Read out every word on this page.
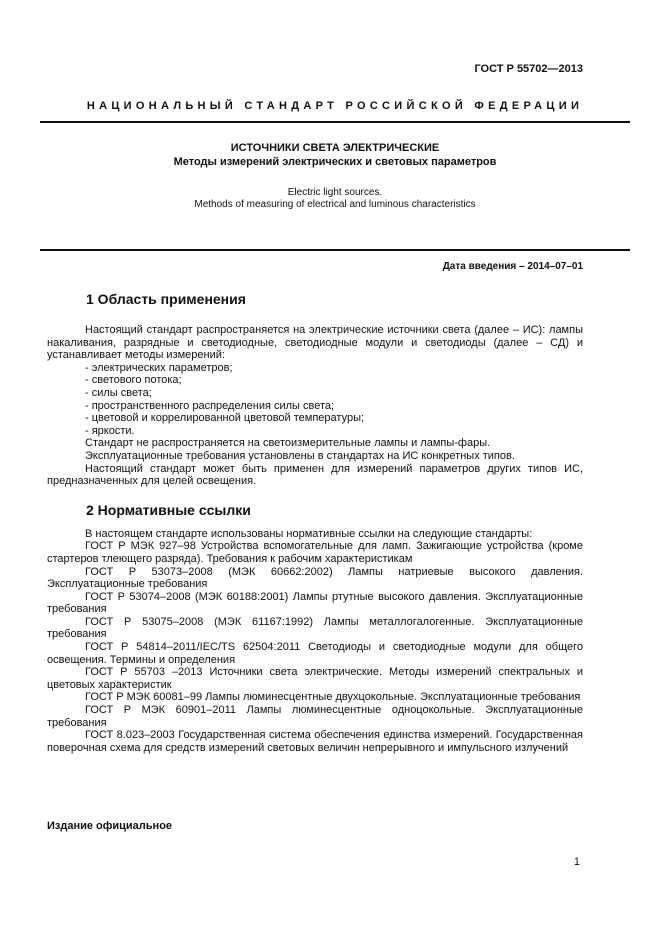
ГОСТ Р 55702—2013
НАЦИОНАЛЬНЫЙ СТАНДАРТ РОССИЙСКОЙ ФЕДЕРАЦИИ
ИСТОЧНИКИ СВЕТА ЭЛЕКТРИЧЕСКИЕ
Методы измерений электрических и световых параметров
Electric light sources.
Methods of measuring of electrical and luminous characteristics
Дата введения – 2014–07–01

1 Область применения

Настоящий стандарт распространяется на электрические источники света (далее – ИС): лампы накаливания, разрядные и светодиодные, светодиодные модули и светодиоды (далее – СД) и устанавливает методы измерений:

- электрических параметров;

- светового потока;

- силы света;

- пространственного распределения силы света;

- цветовой и коррелированной цветовой температуры;

- яркости.

Стандарт не распространяется на светоизмерительные лампы и лампы-фары.

Эксплуатационные требования установлены в стандартах на ИС конкретных типов.

Настоящий стандарт может быть применен для измерений параметров других типов ИС, предназначенных для целей освещения.

2 Нормативные ссылки

В настоящем стандарте использованы нормативные ссылки на следующие стандарты:

ГОСТ Р МЭК 927–98 Устройства вспомогательные для ламп. Зажигающие устройства (кроме стартеров тлеющего разряда). Требования к рабочим характеристикам

ГОСТ Р 53073–2008 (МЭК 60662:2002) Лампы натриевые высокого давления. Эксплуатационные требования

ГОСТ Р 53074–2008 (МЭК 60188:2001) Лампы ртутные высокого давления. Эксплуатационные требования

ГОСТ Р 53075–2008 (МЭК 61167:1992) Лампы металлогалогенные. Эксплуатационные требования

ГОСТ Р 54814–2011/IEC/TS 62504:2011 Светодиоды и светодиодные модули для общего освещения. Термины и определения

ГОСТ Р 55703 –2013 Источники света электрические. Методы измерений спектральных и цветовых характеристик

ГОСТ Р МЭК 60081–99 Лампы люминесцентные двухцокольные. Эксплуатационные требования

ГОСТ Р МЭК 60901–2011 Лампы люминесцентные одноцокольные. Эксплуатационные требования

ГОСТ 8.023–2003 Государственная система обеспечения единства измерений. Государственная поверочная схема для средств измерений световых величин непрерывного и импульсного излучений

Издание официальное
1
